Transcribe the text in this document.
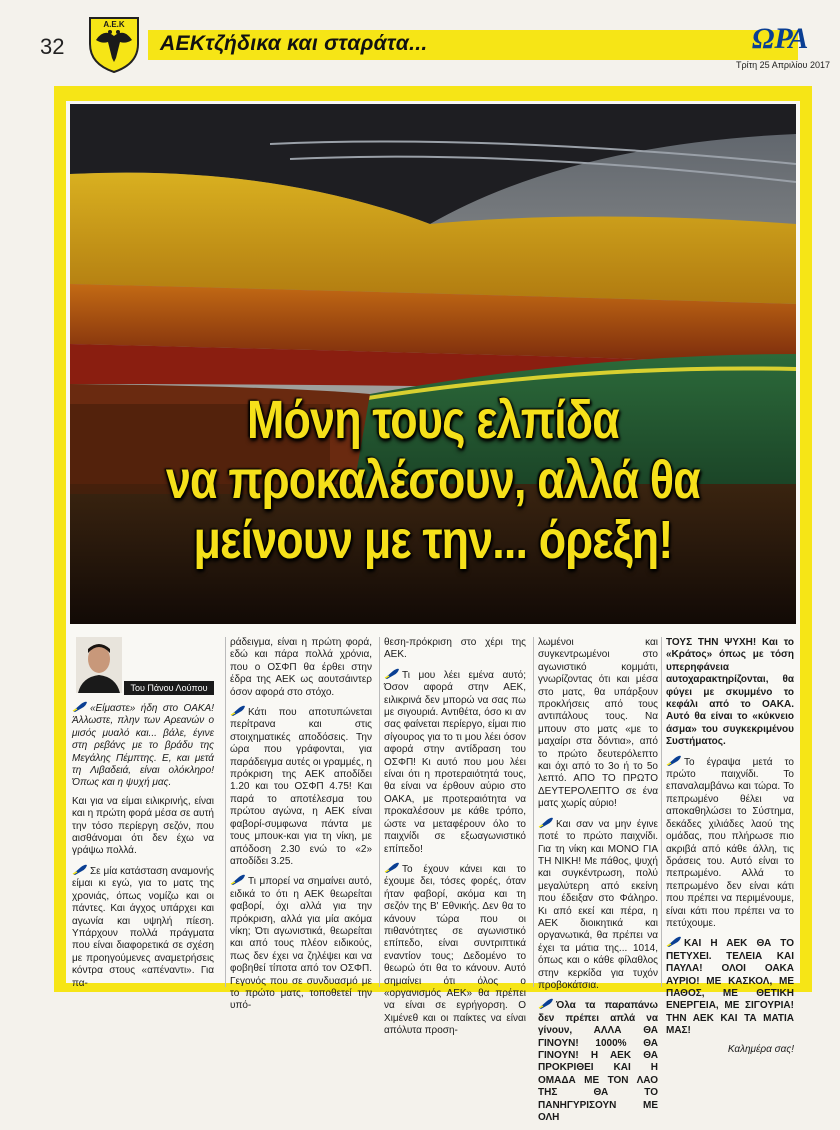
32
Α.Ε.Κ
ΑΕΚτζήδικα και σταράτα...	ΩΡΑ
Τρίτη 25 Απριλίου 2017
Μόνη τους ελπίδα
να προκαλέσουν, αλλά θα
μείνουν με την... όρεξη!
Του Πάνου Λούπου

«Είμαστε» ήδη στο ΟΑΚΑ! Άλλωστε, πλην των Αρεανών ο μισός μυαλό και... βάλε, έγινε στη ρεβάνς με το βράδυ της Μεγάλης Πέμπτης. Ε, και μετά τη Λιβαδειά, είναι ολόκληρο! Όπως και η ψυχή μας.

Και για να είμαι ειλικρινής, είναι και η πρώτη φορά μέσα σε αυτή την τόσο περίεργη σεζόν, που αισθάνομαι ότι δεν έχω να γράψω πολλά.

Σε μία κατάσταση αναμονής είμαι κι εγώ, για το ματς της χρονιάς, όπως νομίζω και οι πάντες. Και άγχος υπάρχει και αγωνία και υψηλή πίεση. Υπάρχουν πολλά πράγματα που είναι διαφορετικά σε σχέση με προηγούμενες αναμετρήσεις κόντρα στους «απέναντι». Για πα-

ράδειγμα, είναι η πρώτη φορά, εδώ και πάρα πολλά χρόνια, που ο ΟΣΦΠ θα έρθει στην έδρα της ΑΕΚ ως αουτσάιντερ όσον αφορά στο στόχο.

Κάτι που αποτυπώνεται περίτρανα και στις στοιχηματικές αποδόσεις. Την ώρα που γράφονται, για παράδειγμα αυτές οι γραμμές, η πρόκριση της ΑΕΚ αποδίδει 1.20 και του ΟΣΦΠ 4.75! Και παρά το αποτέλεσμα του πρώτου αγώνα, η ΑΕΚ είναι φαβορί-συμφωνα πάντα με τους μπουκ-και για τη νίκη, με απόδοση 2.30 ενώ το «2» αποδίδει 3.25.

Τι μπορεί να σημαίνει αυτό, ειδικά το ότι η ΑΕΚ θεωρείται φαβορί, όχι αλλά για την πρόκριση, αλλά για μία ακόμα νίκη; Ότι αγωνιστικά, θεωρείται και από τους πλέον ειδικούς, πως δεν έχει να ζηλέψει και να φοβηθεί τίποτα από τον ΟΣΦΠ. Γεγονός που σε συνδυασμό με το πρώτο ματς, τοποθετεί την υπό-

θεση-πρόκριση στο χέρι της ΑΕΚ.

Τι μου λέει εμένα αυτό; Όσον αφορά στην ΑΕΚ, ειλικρινά δεν μπορώ να σας πω με σιγουριά. Αντιθέτα, όσο κι αν σας φαίνεται περίεργο, είμαι πιο σίγουρος για το τι μου λέει όσον αφορά στην αντίδραση του ΟΣΦΠ! Κι αυτό που μου λέει είναι ότι η προτεραιότητά τους, θα είναι να έρθουν αύριο στο ΟΑΚΑ, με προτεραιότητα να προκαλέσουν με κάθε τρόπο, ώστε να μεταφέρουν όλο το παιχνίδι σε εξωαγωνιστικό επίπεδο!

Το έχουν κάνει και το έχουμε δει, τόσες φορές, όταν ήταν φαβορί, ακόμα και τη σεζόν της Β' Εθνικής. Δεν θα το κάνουν τώρα που οι πιθανότητες σε αγωνιστικό επίπεδο, είναι συντριπτικά εναντίον τους; Δεδομένο το θεωρώ ότι θα το κάνουν. Αυτό σημαίνει ότι όλος ο «οργανισμός ΑΕΚ» θα πρέπει να είναι σε εγρήγορση. Ο Χιμένεθ και οι παίκτες να είναι απόλυτα προση-

λωμένοι και συγκεντρωμένοι στο αγωνιστικό κομμάτι, γνωρίζοντας ότι και μέσα στο ματς, θα υπάρξουν προκλήσεις από τους αντιπάλους τους. Να μπουν στο ματς «με το μαχαίρι στα δόντια», από το πρώτο δευτερόλεπτο και όχι από το 3ο ή το 5ο λεπτό. ΑΠΟ ΤΟ ΠΡΩΤΟ ΔΕΥΤΕΡΟΛΕΠΤΟ σε ένα ματς χωρίς αύριο!

Και σαν να μην έγινε ποτέ το πρώτο παιχνίδι. Για τη νίκη και ΜΟΝΟ ΓΙΑ ΤΗ ΝΙΚΗ! Με πάθος, ψυχή και συγκέντρωση, πολύ μεγαλύτερη από εκείνη που έδειξαν στο Φάληρο. Κι από εκεί και πέρα, η ΑΕΚ διοικητικά και οργανωτικά, θα πρέπει να έχει τα μάτια της... 1014, όπως και ο κάθε φίλαθλος στην κερκίδα για τυχόν προβοκάτσια.

Όλα τα παραπάνω δεν πρέπει απλά να γίνουν, ΑΛΛΑ ΘΑ ΓΙΝΟΥΝ! 1000% ΘΑ ΓΙΝΟΥΝ! Η ΑΕΚ ΘΑ ΠΡΟΚΡΙΘΕΙ ΚΑΙ Η ΟΜΑΔΑ ΜΕ ΤΟΝ ΛΑΟ ΤΗΣ ΘΑ ΤΟ ΠΑΝΗΓΥΡΙΣΟΥΝ ΜΕ ΟΛΗ

ΤΟΥΣ ΤΗΝ ΨΥΧΗ! Και το «Κράτος» όπως με τόση υπερηφάνεια αυτοχαρακτηρίζονται, θα φύγει με σκυμμένο το κεφάλι από το ΟΑΚΑ. Αυτό θα είναι το «κύκνειο άσμα» του συγκεκριμένου Συστήματος.

Το έγραψα μετά το πρώτο παιχνίδι. Το επαναλαμβάνω και τώρα. Το πεπρωμένο θέλει να αποκαθηλώσει το Σύστημα, δεκάδες χιλιάδες λαού της ομάδας, που πλήρωσε πιο ακριβά από κάθε άλλη, τις δράσεις του. Αυτό είναι το πεπρωμένο. Αλλά το πεπρωμένο δεν είναι κάτι που πρέπει να περιμένουμε, είναι κάτι που πρέπει να το πετύχουμε.

ΚΑΙ Η ΑΕΚ ΘΑ ΤΟ ΠΕΤΥΧΕΙ. ΤΕΛΕΙΑ ΚΑΙ ΠΑΥΛΑ! ΟΛΟΙ ΟΑΚΑ ΑΥΡΙΟ! ΜΕ ΚΑΣΚΟΛ, ΜΕ ΠΑΘΟΣ, ΜΕ ΘΕΤΙΚΗ ΕΝΕΡΓΕΙΑ, ΜΕ ΣΙΓΟΥΡΙΑ! ΤΗΝ ΑΕΚ ΚΑΙ ΤΑ ΜΑΤΙΑ ΜΑΣ!

Καλημέρα σας!
